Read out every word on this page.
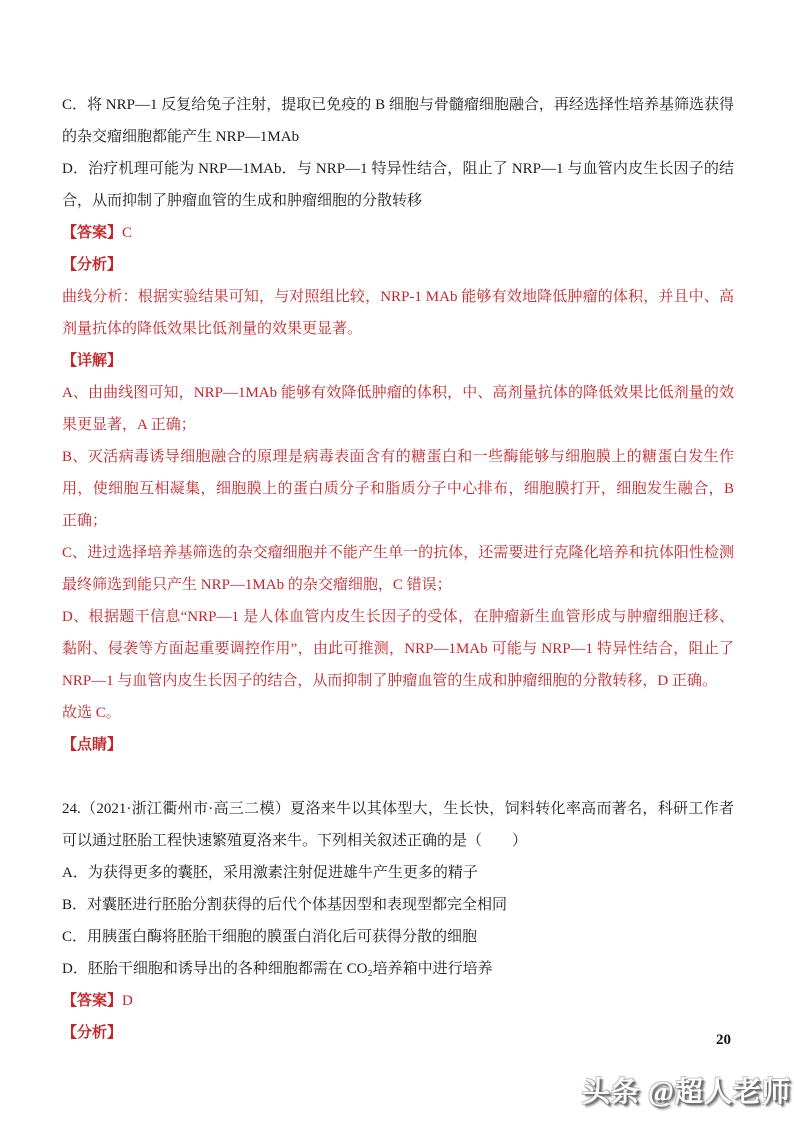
C．将 NRP—1 反复给兔子注射，提取已免疫的 B 细胞与骨髓瘤细胞融合，再经选择性培养基筛选获得的杂交瘤细胞都能产生 NRP—1MAb

D．治疗机理可能为 NRP—1MAb．与 NRP—1 特异性结合，阻止了 NRP—1 与血管内皮生长因子的结合，从而抑制了肿瘤血管的生成和肿瘤细胞的分散转移

【答案】C

【分析】

曲线分析：根据实验结果可知，与对照组比较，NRP-1 MAb 能够有效地降低肿瘤的体积，并且中、高剂量抗体的降低效果比低剂量的效果更显著。

【详解】

A、由曲线图可知，NRP—1MAb 能够有效降低肿瘤的体积，中、高剂量抗体的降低效果比低剂量的效果更显著，A 正确；

B、灭活病毒诱导细胞融合的原理是病毒表面含有的糖蛋白和一些酶能够与细胞膜上的糖蛋白发生作用，使细胞互相凝集，细胞膜上的蛋白质分子和脂质分子中心排布，细胞膜打开，细胞发生融合，B 正确；

C、进过选择培养基筛选的杂交瘤细胞并不能产生单一的抗体，还需要进行克隆化培养和抗体阳性检测最终筛选到能只产生 NRP—1MAb 的杂交瘤细胞，C 错误；

D、根据题干信息“NRP—1 是人体血管内皮生长因子的受体，在肿瘤新生血管形成与肿瘤细胞迁移、黏附、侵袭等方面起重要调控作用”，由此可推测，NRP—1MAb 可能与 NRP—1 特异性结合，阻止了 NRP—1 与血管内皮生长因子的结合，从而抑制了肿瘤血管的生成和肿瘤细胞的分散转移，D 正确。

故选 C。

【点睛】

24.（2021·浙江衢州市·高三二模）夏洛来牛以其体型大，生长快，饲料转化率高而著名，科研工作者可以通过胚胎工程快速繁殖夏洛来牛。下列相关叙述正确的是（　　）

A．为获得更多的囊胚，采用激素注射促进雄牛产生更多的精子

B．对囊胚进行胚胎分割获得的后代个体基因型和表现型都完全相同

C．用胰蛋白酶将胚胎干细胞的膜蛋白消化后可获得分散的细胞

D．胚胎干细胞和诱导出的各种细胞都需在 CO₂培养箱中进行培养

【答案】D

【分析】	20
头条 @超人老师
